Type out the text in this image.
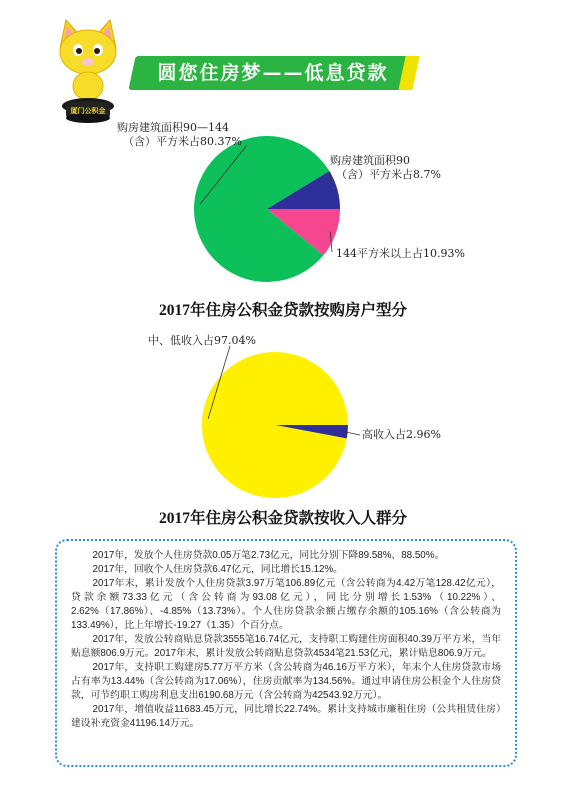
厦门公积金
圆您住房梦——低息贷款
购房建筑面积90—144
（含）平方米占80.37%
购房建筑面积90
（含）平方米占8.7%
144平方米以上占10.93%
2017年住房公积金贷款按购房户型分
中、低收入占97.04%
高收入占2.96%
2017年住房公积金贷款按收入人群分

2017年，发放个人住房贷款0.05万笔2.73亿元，同比分别下降89.58%、88.50%。

2017年，回收个人住房贷款6.47亿元，同比增长15.12%。

2017年末，累计发放个人住房贷款3.97万笔106.89亿元（含公转商为4.42万笔128.42亿元），贷款余额73.33亿元（含公转商为93.08亿元），同比分别增长1.53%（10.22%）、2.62%（17.86%）、-4.85%（13.73%）。个人住房贷款余额占缴存余额的105.16%（含公转商为133.49%），比上年增长-19.27（1.35）个百分点。

2017年，发放公转商贴息贷款3555笔16.74亿元，支持职工购建住房面积40.39万平方米，当年贴息额806.9万元。2017年末，累计发放公转商贴息贷款4534笔21.53亿元，累计贴息806.9万元。

2017年，支持职工购建房5.77万平方米（含公转商为46.16万平方米），年末个人住房贷款市场占有率为13.44%（含公转商为17.06%），住房贡献率为134.56%。通过申请住房公积金个人住房贷款，可节约职工购房利息支出6190.68万元（含公转商为42543.92万元）。

2017年，增值收益11683.45万元，同比增长22.74%。累计支持城市廉租住房（公共租赁住房）建设补充资金41196.14万元。
